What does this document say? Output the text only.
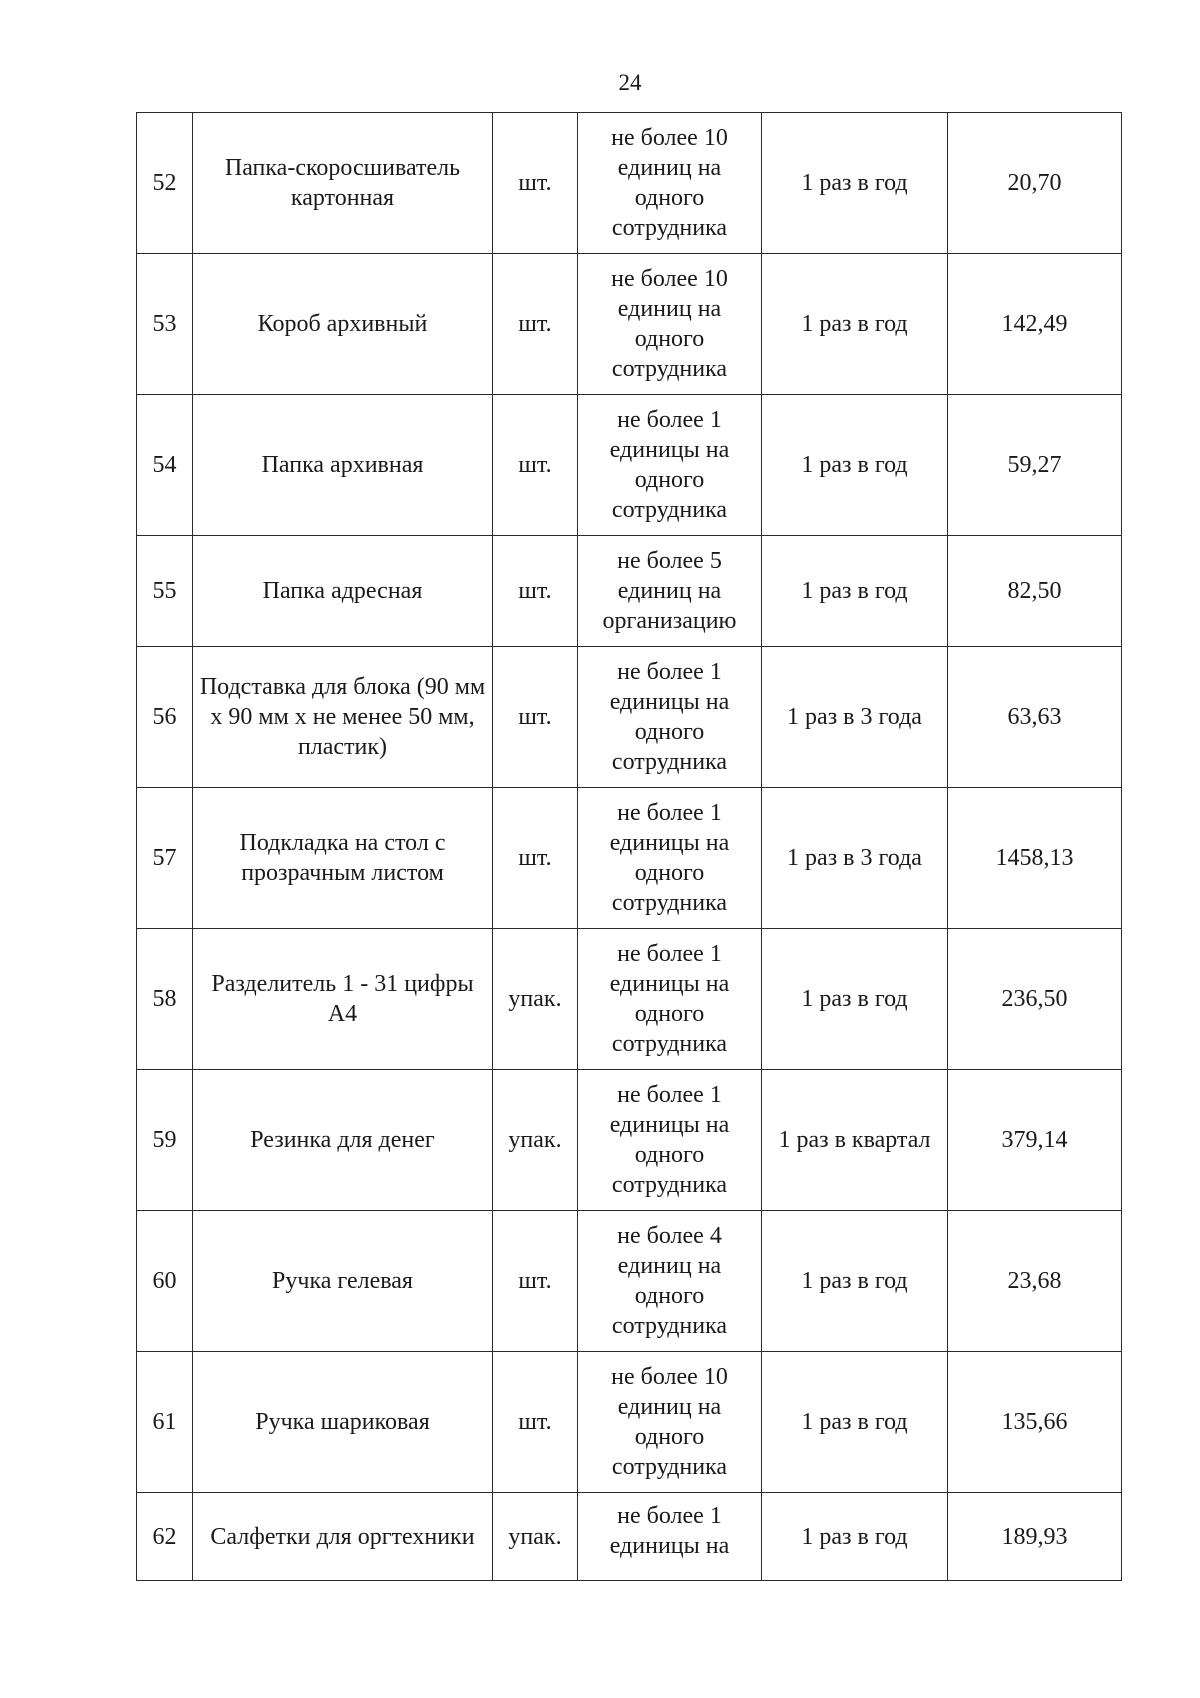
24
52	Папка-скоросшиватель картонная	шт.	не более 10 единиц на одного сотрудника	1 раз в год	20,70
53	Короб архивный	шт.	не более 10 единиц на одного сотрудника	1 раз в год	142,49
54	Папка архивная	шт.	не более 1 единицы на одного сотрудника	1 раз в год	59,27
55	Папка адресная	шт.	не более 5 единиц на организацию	1 раз в год	82,50
56	Подставка для блока (90 мм х 90 мм х не менее 50 мм, пластик)	шт.	не более 1 единицы на одного сотрудника	1 раз в 3 года	63,63
57	Подкладка на стол с прозрачным листом	шт.	не более 1 единицы на одного сотрудника	1 раз в 3 года	1458,13
58	Разделитель 1 - 31 цифры А4	упак.	не более 1 единицы на одного сотрудника	1 раз в год	236,50
59	Резинка для денег	упак.	не более 1 единицы на одного сотрудника	1 раз в квартал	379,14
60	Ручка гелевая	шт.	не более 4 единиц на одного сотрудника	1 раз в год	23,68
61	Ручка шариковая	шт.	не более 10 единиц на одного сотрудника	1 раз в год	135,66
62	Салфетки для оргтехники	упак.	не более 1 единицы на	1 раз в год	189,93
